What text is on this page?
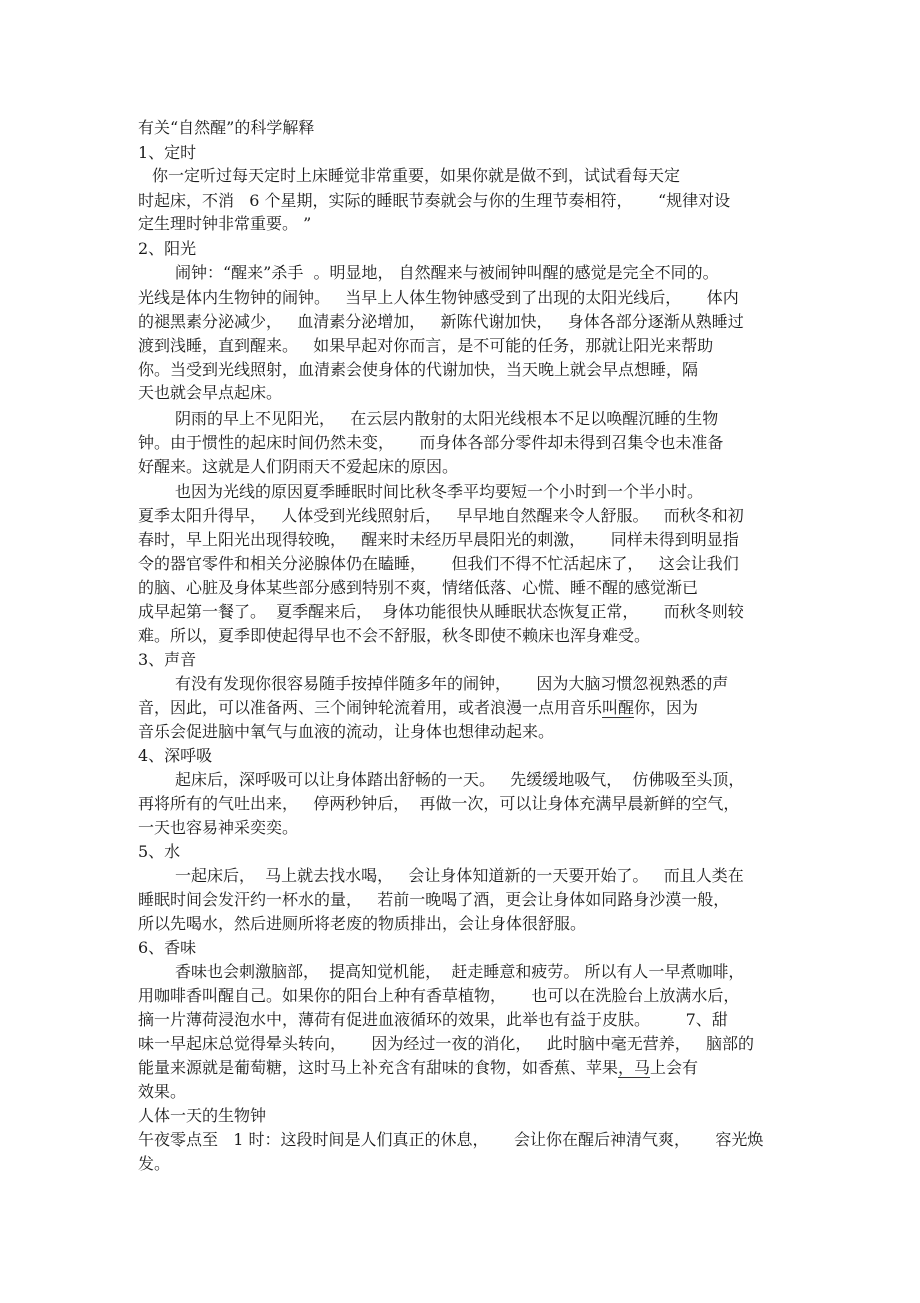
有关“自然醒”的科学解释
1、定时
你一定听过每天定时上床睡觉非常重要，如果你就是做不到，试试看每天定
时起床，不消   6 个星期，实际的睡眠节奏就会与你的生理节奏相符，     “规律对设
定生理时钟非常重要。 ”
2、阳光
闹钟：“醒来”杀手  。明显地， 自然醒来与被闹钟叫醒的感觉是完全不同的。
光线是体内生物钟的闹钟。   当早上人体生物钟感受到了出现的太阳光线后，     体内
的褪黑素分泌减少，   血清素分泌增加，   新陈代谢加快，   身体各部分逐渐从熟睡过
渡到浅睡，直到醒来。   如果早起对你而言，是不可能的任务，那就让阳光来帮助
你。当受到光线照射，血清素会使身体的代谢加快，当天晚上就会早点想睡，隔
天也就会早点起床。
阴雨的早上不见阳光，   在云层内散射的太阳光线根本不足以唤醒沉睡的生物
钟。由于惯性的起床时间仍然未变，     而身体各部分零件却未得到召集令也未准备
好醒来。这就是人们阴雨天不爱起床的原因。
也因为光线的原因夏季睡眠时间比秋冬季平均要短一个小时到一个半小时。
夏季太阳升得早，   人体受到光线照射后，   早早地自然醒来令人舒服。   而秋冬和初
春时，早上阳光出现得较晚，   醒来时未经历早晨阳光的刺激，     同样未得到明显指
令的器官零件和相关分泌腺体仍在瞌睡，     但我们不得不忙活起床了，   这会让我们
的脑、心脏及身体某些部分感到特别不爽，情绪低落、心慌、睡不醒的感觉渐已
成早起第一餐了。  夏季醒来后，  身体功能很快从睡眠状态恢复正常，     而秋冬则较
难。所以，夏季即使起得早也不会不舒服，秋冬即使不赖床也浑身难受。
3、声音
有没有发现你很容易随手按掉伴随多年的闹钟，     因为大脑习惯忽视熟悉的声
音，因此，可以准备两、三个闹钟轮流着用，或者浪漫一点用音乐叫醒你，因为
音乐会促进脑中氧气与血液的流动，让身体也想律动起来。
4、深呼吸
起床后，深呼吸可以让身体踏出舒畅的一天。   先缓缓地吸气，  仿佛吸至头顶，
再将所有的气吐出来，   停两秒钟后，  再做一次，可以让身体充满早晨新鲜的空气，
一天也容易神采奕奕。
5、水
一起床后，  马上就去找水喝，   会让身体知道新的一天要开始了。   而且人类在
睡眠时间会发汗约一杯水的量，   若前一晚喝了酒，更会让身体如同路身沙漠一般，
所以先喝水，然后进厕所将老废的物质排出，会让身体很舒服。
6、香味
香味也会刺激脑部，  提高知觉机能，  赶走睡意和疲劳。 所以有人一早煮咖啡，
用咖啡香叫醒自己。如果你的阳台上种有香草植物，     也可以在洗脸台上放满水后，
摘一片薄荷浸泡水中，薄荷有促进血液循环的效果，此举也有益于皮肤。       7、甜
味一早起床总觉得晕头转向，     因为经过一夜的消化，   此时脑中毫无营养，   脑部的
能量来源就是葡萄糖，这时马上补充含有甜味的食物，如香蕉、苹果，马上会有
效果。
人体一天的生物钟
午夜零点至   1 时：这段时间是人们真正的休息，     会让你在醒后神清气爽，     容光焕
发。
